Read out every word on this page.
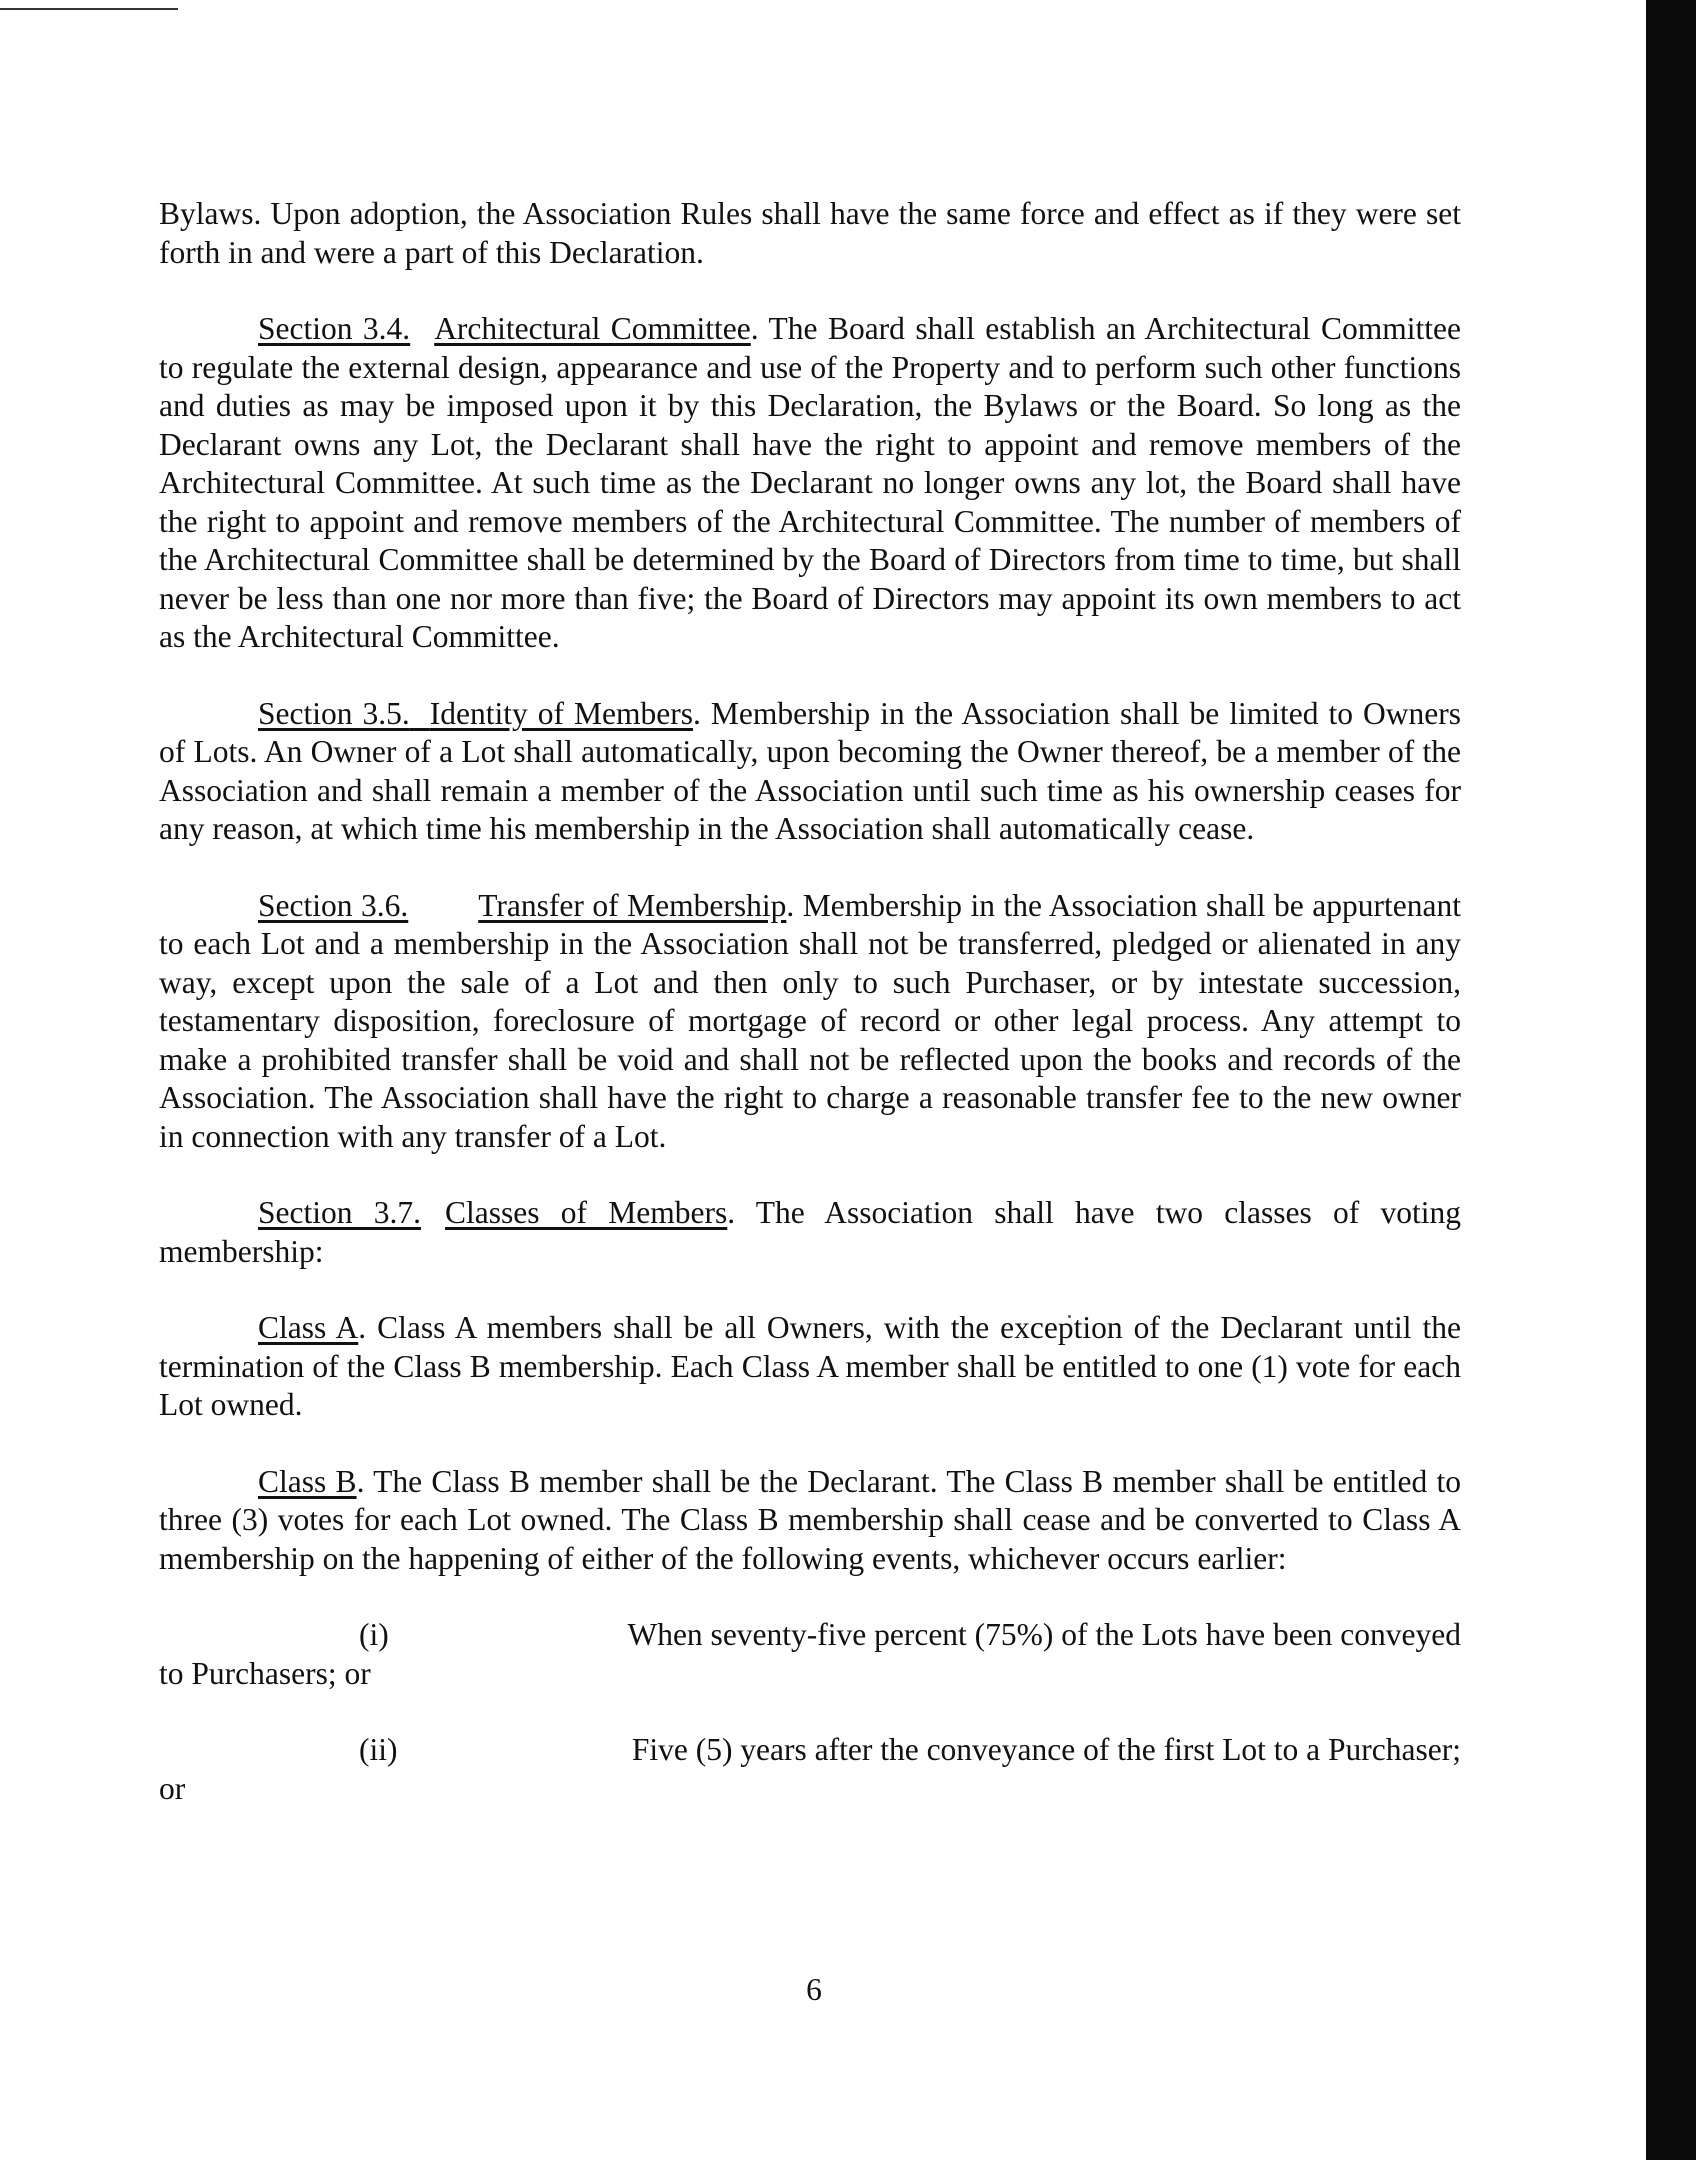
Bylaws. Upon adoption, the Association Rules shall have the same force and effect as if they were set forth in and were a part of this Declaration.

Section 3.4. Architectural Committee. The Board shall establish an Architectural Committee to regulate the external design, appearance and use of the Property and to perform such other functions and duties as may be imposed upon it by this Declaration, the Bylaws or the Board. So long as the Declarant owns any Lot, the Declarant shall have the right to appoint and remove members of the Architectural Committee. At such time as the Declarant no longer owns any lot, the Board shall have the right to appoint and remove members of the Architectural Committee. The number of members of the Architectural Committee shall be determined by the Board of Directors from time to time, but shall never be less than one nor more than five; the Board of Directors may appoint its own members to act as the Architectural Committee.

Section 3.5. Identity of Members. Membership in the Association shall be limited to Owners of Lots. An Owner of a Lot shall automatically, upon becoming the Owner thereof, be a member of the Association and shall remain a member of the Association until such time as his ownership ceases for any reason, at which time his membership in the Association shall automatically cease.

Section 3.6. Transfer of Membership. Membership in the Association shall be appurtenant to each Lot and a membership in the Association shall not be transferred, pledged or alienated in any way, except upon the sale of a Lot and then only to such Purchaser, or by intestate succession, testamentary disposition, foreclosure of mortgage of record or other legal process. Any attempt to make a prohibited transfer shall be void and shall not be reflected upon the books and records of the Association. The Association shall have the right to charge a reasonable transfer fee to the new owner in connection with any transfer of a Lot.

Section 3.7. Classes of Members. The Association shall have two classes of voting membership:

Class A. Class A members shall be all Owners, with the exception of the Declarant until the termination of the Class B membership. Each Class A member shall be entitled to one (1) vote for each Lot owned.

Class B. The Class B member shall be the Declarant. The Class B member shall be entitled to three (3) votes for each Lot owned. The Class B membership shall cease and be converted to Class A membership on the happening of either of the following events, whichever occurs earlier:

(i)	When seventy-five percent (75%) of the Lots have been conveyed

to Purchasers; or

(ii)	Five (5) years after the conveyance of the first Lot to a Purchaser;

or

6
